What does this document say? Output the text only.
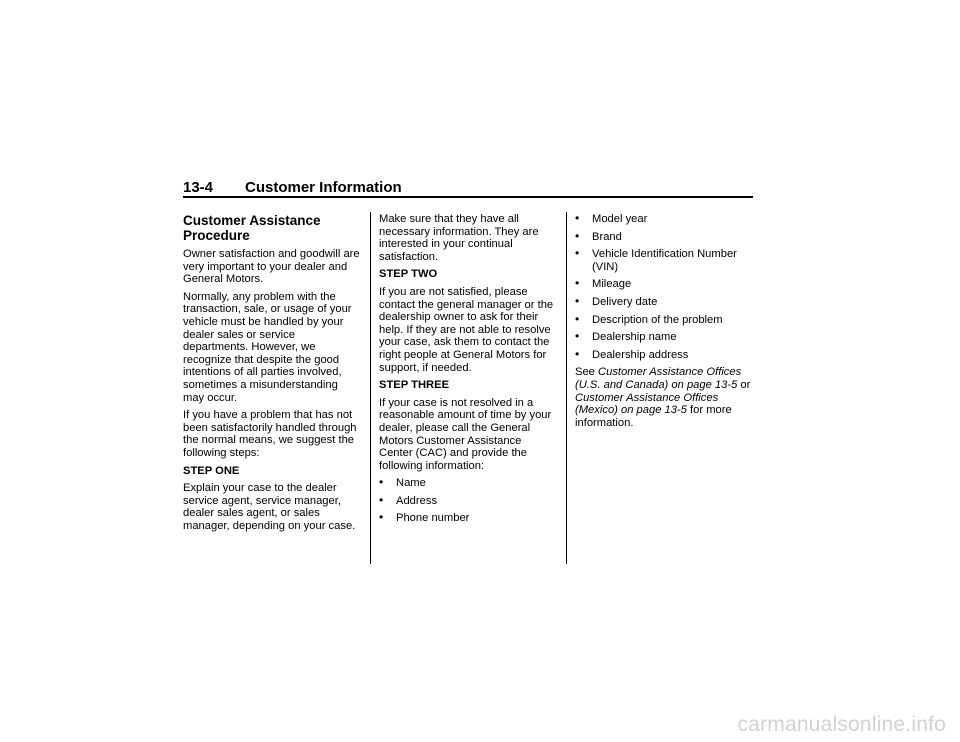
13-4 Customer Information
Customer Assistance Procedure

Owner satisfaction and goodwill are very important to your dealer and General Motors.

Normally, any problem with the transaction, sale, or usage of your vehicle must be handled by your dealer sales or service departments. However, we recognize that despite the good intentions of all parties involved, sometimes a misunderstanding may occur.

If you have a problem that has not been satisfactorily handled through the normal means, we suggest the following steps:

STEP ONE

Explain your case to the dealer service agent, service manager, dealer sales agent, or sales manager, depending on your case.

Make sure that they have all necessary information. They are interested in your continual satisfaction.

STEP TWO

If you are not satisfied, please contact the general manager or the dealership owner to ask for their help. If they are not able to resolve your case, ask them to contact the right people at General Motors for support, if needed.

STEP THREE

If your case is not resolved in a reasonable amount of time by your dealer, please call the General Motors Customer Assistance Center (CAC) and provide the following information:

• Name
• Address
• Phone number
• Model year
• Brand
• Vehicle Identification Number (VIN)
• Mileage
• Delivery date
• Description of the problem
• Dealership name
• Dealership address

See Customer Assistance Offices (U.S. and Canada) on page 13-5 or Customer Assistance Offices (Mexico) on page 13-5 for more information.

carmanualsonline.info
